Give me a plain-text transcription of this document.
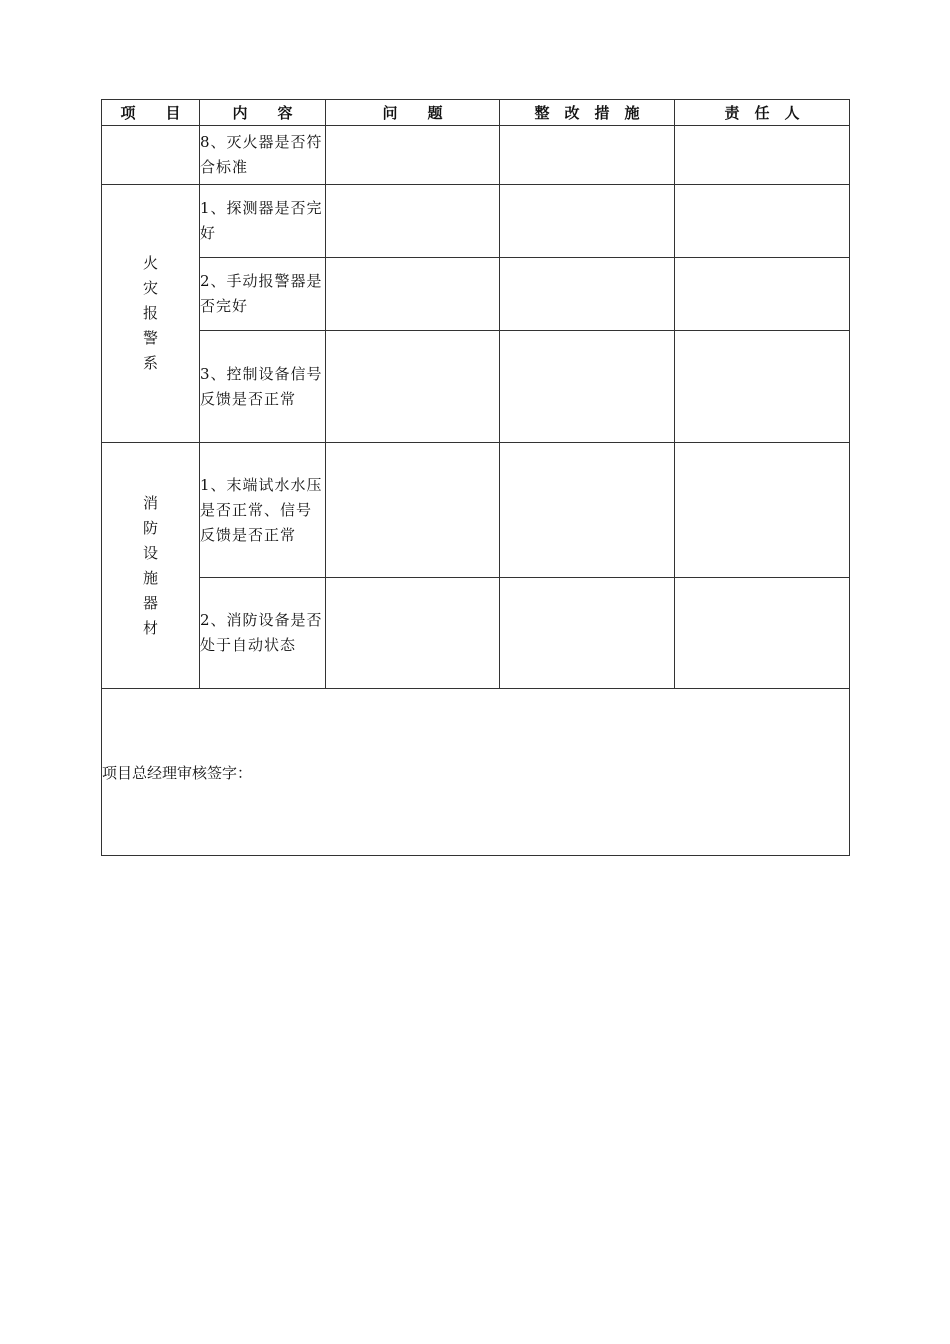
项　　目	内　　容	问　　题	整　改　措　施	责　任　人
	8、灭火器是否符合标准			
火灾报警系	1、探测器是否完好			
	2、手动报警器是否完好			
	3、控制设备信号反馈是否正常			
消防设施器材	1、末端试水水压是否正常、信号反馈是否正常			
	2、消防设备是否处于自动状态			
项目总经理审核签字：				
